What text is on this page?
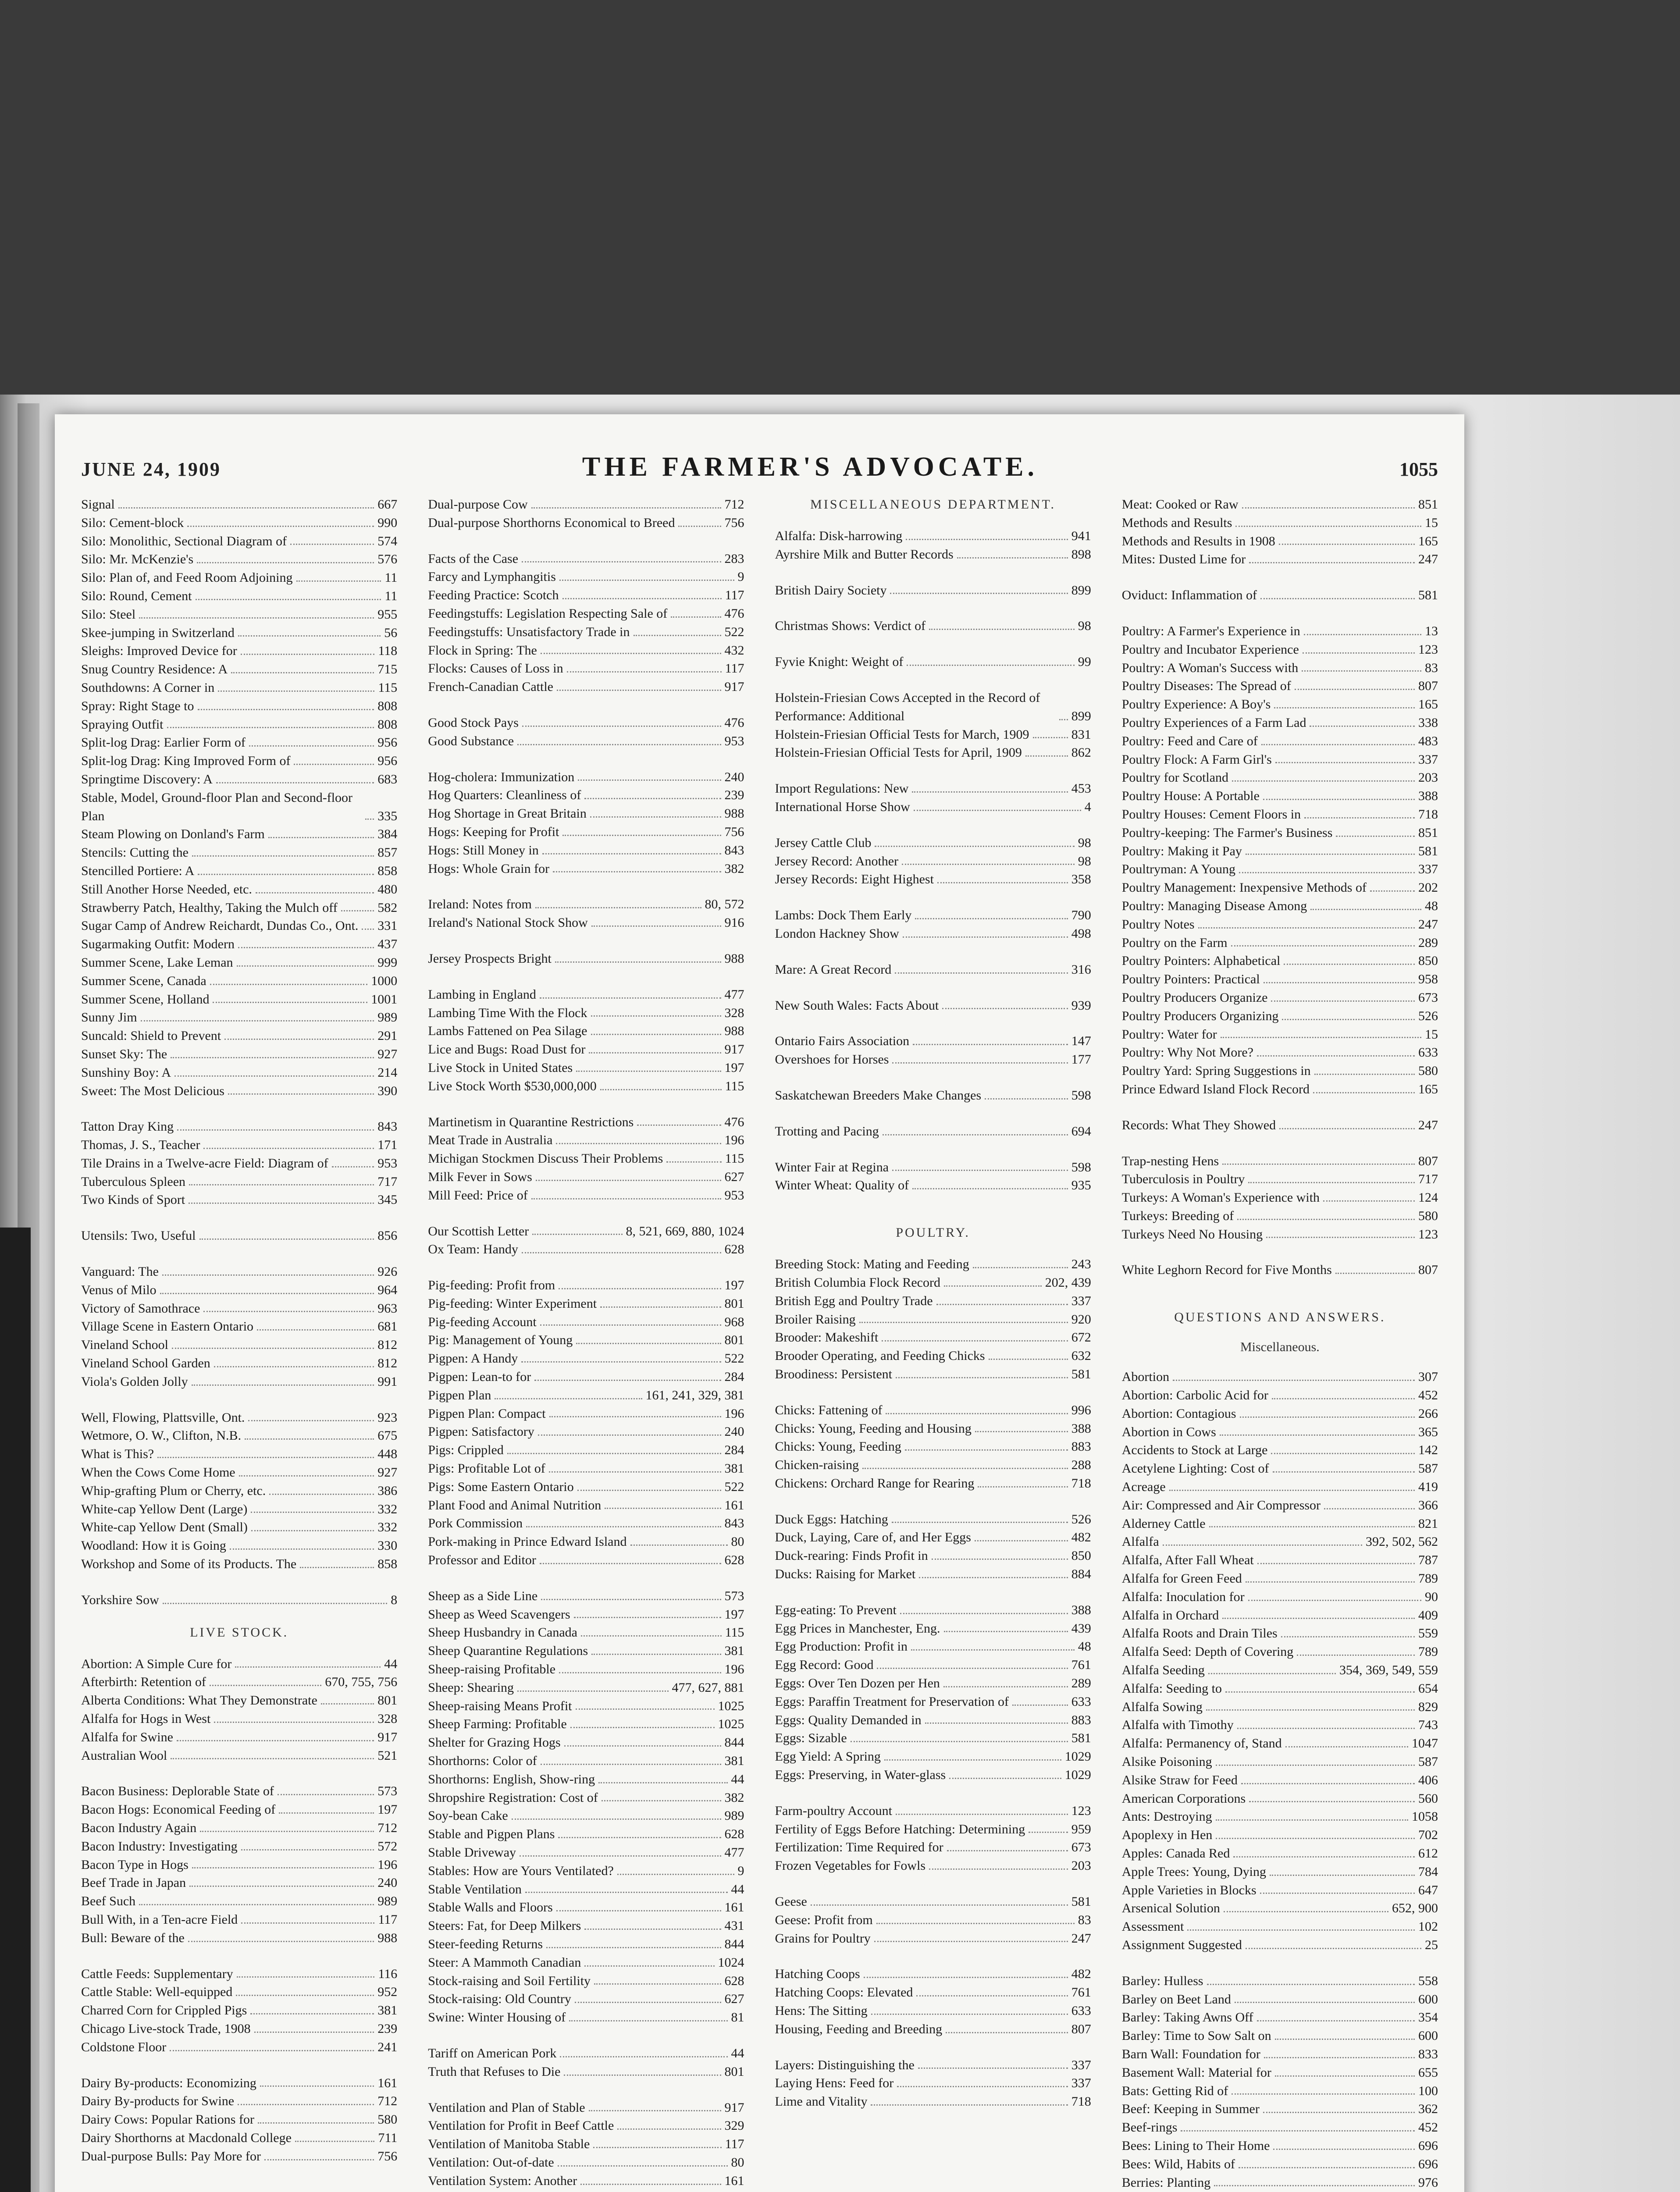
JUNE 24, 1909	THE FARMER'S ADVOCATE.	1055
Signal	667
Silo: Cement-block	990
Silo: Monolithic, Sectional Diagram of	574
Silo: Mr. McKenzie's	576
Silo: Plan of, and Feed Room Adjoining	11
Silo: Round, Cement	11
Silo: Steel	955
Skee-jumping in Switzerland	56
Sleighs: Improved Device for	118
Snug Country Residence: A	715
Southdowns: A Corner in	115
Spray: Right Stage to	808
Spraying Outfit	808
Split-log Drag: Earlier Form of	956
Split-log Drag: King Improved Form of	956
Springtime Discovery: A	683
Stable, Model, Ground-floor Plan and Second-floor Plan	335
Steam Plowing on Donland's Farm	384
Stencils: Cutting the	857
Stencilled Portiere: A	858
Still Another Horse Needed, etc.	480
Strawberry Patch, Healthy, Taking the Mulch off	582
Sugar Camp of Andrew Reichardt, Dundas Co., Ont. 331
Sugarmaking Outfit: Modern	437
Summer Scene, Lake Leman	999
Summer Scene, Canada	1000
Summer Scene, Holland	1001
Sunny Jim	989
Suncald: Shield to Prevent	291
Sunset Sky: The	927
Sunshiny Boy: A	214
Sweet: The Most Delicious	390
Tatton Dray King	843
Thomas, J. S., Teacher	171
Tile Drains in a Twelve-acre Field: Diagram of	953
Tuberculous Spleen	717
Two Kinds of Sport	345
Utensils: Two, Useful	856
Vanguard: The	926
Venus of Milo	964
Victory of Samothrace	963
Village Scene in Eastern Ontario	681
Vineland School	812
Vineland School Garden	812
Viola's Golden Jolly	991
Well, Flowing, Plattsville, Ont.	923
Wetmore, O. W., Clifton, N.B.	675
What is This?	448
When the Cows Come Home	927
Whip-grafting Plum or Cherry, etc.	386
White-cap Yellow Dent (Large)	332
White-cap Yellow Dent (Small)	332
Woodland: How it is Going	330
Workshop and Some of its Products. The	858
Yorkshire Sow	8
LIVE STOCK.
Abortion: A Simple Cure for	44
Afterbirth: Retention of	670, 755, 756
Alberta Conditions: What They Demonstrate	801
Alfalfa for Hogs in West	328
Alfalfa for Swine	917
Australian Wool	521
Bacon Business: Deplorable State of	573
Bacon Hogs: Economical Feeding of	197
Bacon Industry Again	712
Bacon Industry: Investigating	572
Bacon Type in Hogs	196
Beef Trade in Japan	240
Beef Such	989
Bull With, in a Ten-acre Field	117
Bull: Beware of the	988
Cattle Feeds: Supplementary	116
Cattle Stable: Well-equipped	952
Charred Corn for Crippled Pigs	381
Chicago Live-stock Trade, 1908	239
Coldstone Floor	241
Dairy By-products: Economizing	161
Dairy By-products for Swine	712
Dairy Cows: Popular Rations for	580
Dairy Shorthorns at Macdonald College	711
Dual-purpose Bulls: Pay More for	756
Dual-purpose Cow	712
Dual-purpose Shorthorns Economical to Breed	756
Facts of the Case	283
Farcy and Lymphangitis	9
Feeding Practice: Scotch	117
Feedingstuffs: Legislation Respecting Sale of	476
Feedingstuffs: Unsatisfactory Trade in	522
Flock in Spring: The	432
Flocks: Causes of Loss in	117
French-Canadian Cattle	917
Good Stock Pays	476
Good Substance	953
Hog-cholera: Immunization	240
Hog Quarters: Cleanliness of	239
Hog Shortage in Great Britain	988
Hogs: Keeping for Profit	756
Hogs: Still Money in	843
Hogs: Whole Grain for	382
Ireland: Notes from	80, 572
Ireland's National Stock Show	916
Jersey Prospects Bright	988
Lambing in England	477
Lambing Time With the Flock	328
Lambs Fattened on Pea Silage	988
Lice and Bugs: Road Dust for	917
Live Stock in United States	197
Live Stock Worth $530,000,000	115
Martinetism in Quarantine Restrictions	476
Meat Trade in Australia	196
Michigan Stockmen Discuss Their Problems	115
Milk Fever in Sows	627
Mill Feed: Price of	953
Our Scottish Letter	8, 521, 669, 880, 1024
Ox Team: Handy	628
Pig-feeding: Profit from	197
Pig-feeding: Winter Experiment	801
Pig-feeding Account	968
Pig: Management of Young	801
Pigpen: A Handy	522
Pigpen: Lean-to for	284
Pigpen Plan	161, 241, 329, 381
Pigpen Plan: Compact	196
Pigpen: Satisfactory	240
Pigs: Crippled	284
Pigs: Profitable Lot of	381
Pigs: Some Eastern Ontario	522
Plant Food and Animal Nutrition	161
Pork Commission	843
Pork-making in Prince Edward Island	80
Professor and Editor	628
Sheep as a Side Line	573
Sheep as Weed Scavengers	197
Sheep Husbandry in Canada	115
Sheep Quarantine Regulations	381
Sheep-raising Profitable	196
Sheep: Shearing	477, 627, 881
Sheep-raising Means Profit	1025
Sheep Farming: Profitable	1025
Shelter for Grazing Hogs	844
Shorthorns: Color of	381
Shorthorns: English, Show-ring	44
Shropshire Registration: Cost of	382
Soy-bean Cake	989
Stable and Pigpen Plans	628
Stable Driveway	477
Stables: How are Yours Ventilated?	9
Stable Ventilation	44
Stable Walls and Floors	161
Steers: Fat, for Deep Milkers	431
Steer-feeding Returns	844
Steer: A Mammoth Canadian	1024
Stock-raising and Soil Fertility	628
Stock-raising: Old Country	627
Swine: Winter Housing of	81
Tariff on American Pork	44
Truth that Refuses to Die	801
Ventilation and Plan of Stable	917
Ventilation for Profit in Beef Cattle	329
Ventilation of Manitoba Stable	117
Ventilation: Out-of-date	80
Ventilation System: Another	161
MISCELLANEOUS DEPARTMENT.
Alfalfa: Disk-harrowing	941
Ayrshire Milk and Butter Records	898
British Dairy Society	899
Christmas Shows: Verdict of	98
Fyvie Knight: Weight of	99
Holstein-Friesian Cows Accepted in the Record of Performance: Additional	899
Holstein-Friesian Official Tests for March, 1909	831
Holstein-Friesian Official Tests for April, 1909	862
Import Regulations: New	453
International Horse Show	4
Jersey Cattle Club	98
Jersey Record: Another	98
Jersey Records: Eight Highest	358
Lambs: Dock Them Early	790
London Hackney Show	498
Mare: A Great Record	316
New South Wales: Facts About	939
Ontario Fairs Association	147
Overshoes for Horses	177
Saskatchewan Breeders Make Changes	598
Trotting and Pacing	694
Winter Fair at Regina	598
Winter Wheat: Quality of	935
POULTRY.
Breeding Stock: Mating and Feeding	243
British Columbia Flock Record	202, 439
British Egg and Poultry Trade	337
Broiler Raising	920
Brooder: Makeshift	672
Brooder Operating, and Feeding Chicks	632
Broodiness: Persistent	581
Chicks: Fattening of	996
Chicks: Young, Feeding and Housing	388
Chicks: Young, Feeding	883
Chicken-raising	288
Chickens: Orchard Range for Rearing	718
Duck Eggs: Hatching	526
Duck, Laying, Care of, and Her Eggs	482
Duck-rearing: Finds Profit in	850
Ducks: Raising for Market	884
Egg-eating: To Prevent	388
Egg Prices in Manchester, Eng.	439
Egg Production: Profit in	48
Egg Record: Good	761
Eggs: Over Ten Dozen per Hen	289
Eggs: Paraffin Treatment for Preservation of	633
Eggs: Quality Demanded in	883
Eggs: Sizable	581
Egg Yield: A Spring	1029
Eggs: Preserving, in Water-glass	1029
Farm-poultry Account	123
Fertility of Eggs Before Hatching: Determining	959
Fertilization: Time Required for	673
Frozen Vegetables for Fowls	203
Geese	581
Geese: Profit from	83
Grains for Poultry	247
Hatching Coops	482
Hatching Coops: Elevated	761
Hens: The Sitting	633
Housing, Feeding and Breeding	807
Layers: Distinguishing the	337
Laying Hens: Feed for	337
Lime and Vitality	718
Meat: Cooked or Raw	851
Methods and Results	15
Methods and Results in 1908	165
Mites: Dusted Lime for	247
Oviduct: Inflammation of	581
Poultry: A Farmer's Experience in	13
Poultry and Incubator Experience	123
Poultry: A Woman's Success with	83
Poultry Diseases: The Spread of	807
Poultry Experience: A Boy's	165
Poultry Experiences of a Farm Lad	338
Poultry: Feed and Care of	483
Poultry Flock: A Farm Girl's	337
Poultry for Scotland	203
Poultry House: A Portable	388
Poultry Houses: Cement Floors in	718
Poultry-keeping: The Farmer's Business	851
Poultry: Making it Pay	581
Poultryman: A Young	337
Poultry Management: Inexpensive Methods of	202
Poultry: Managing Disease Among	48
Poultry Notes	247
Poultry on the Farm	289
Poultry Pointers: Alphabetical	850
Poultry Pointers: Practical	958
Poultry Producers Organize	673
Poultry Producers Organizing	526
Poultry: Water for	15
Poultry: Why Not More?	633
Poultry Yard: Spring Suggestions in	580
Prince Edward Island Flock Record	165
Records: What They Showed	247
Trap-nesting Hens	807
Tuberculosis in Poultry	717
Turkeys: A Woman's Experience with	124
Turkeys: Breeding of	580
Turkeys Need No Housing	123
White Leghorn Record for Five Months	807
QUESTIONS AND ANSWERS.
Miscellaneous.
Abortion	307
Abortion: Carbolic Acid for	452
Abortion: Contagious	266
Abortion in Cows	365
Accidents to Stock at Large	142
Acetylene Lighting: Cost of	587
Acreage	419
Air: Compressed and Air Compressor	366
Alderney Cattle	821
Alfalfa	392, 502, 562
Alfalfa, After Fall Wheat	787
Alfalfa for Green Feed	789
Alfalfa: Inoculation for	90
Alfalfa in Orchard	409
Alfalfa Roots and Drain Tiles	559
Alfalfa Seed: Depth of Covering	789
Alfalfa Seeding	354, 369, 549, 559
Alfalfa: Seeding to	654
Alfalfa Sowing	829
Alfalfa with Timothy	743
Alfalfa: Permanency of, Stand	1047
Alsike Poisoning	587
Alsike Straw for Feed	406
American Corporations	560
Ants: Destroying	1058
Apoplexy in Hen	702
Apples: Canada Red	612
Apple Trees: Young, Dying	784
Apple Varieties in Blocks	647
Arsenical Solution	652, 900
Assessment	102
Assignment Suggested	25
Barley: Hulless	558
Barley on Beet Land	600
Barley: Taking Awns Off	354
Barley: Time to Sow Salt on	600
Barn Wall: Foundation for	833
Basement Wall: Material for	655
Bats: Getting Rid of	100
Beef: Keeping in Summer	362
Beef-rings	452
Bees: Lining to Their Home	696
Bees: Wild, Habits of	696
Berries: Planting	976
